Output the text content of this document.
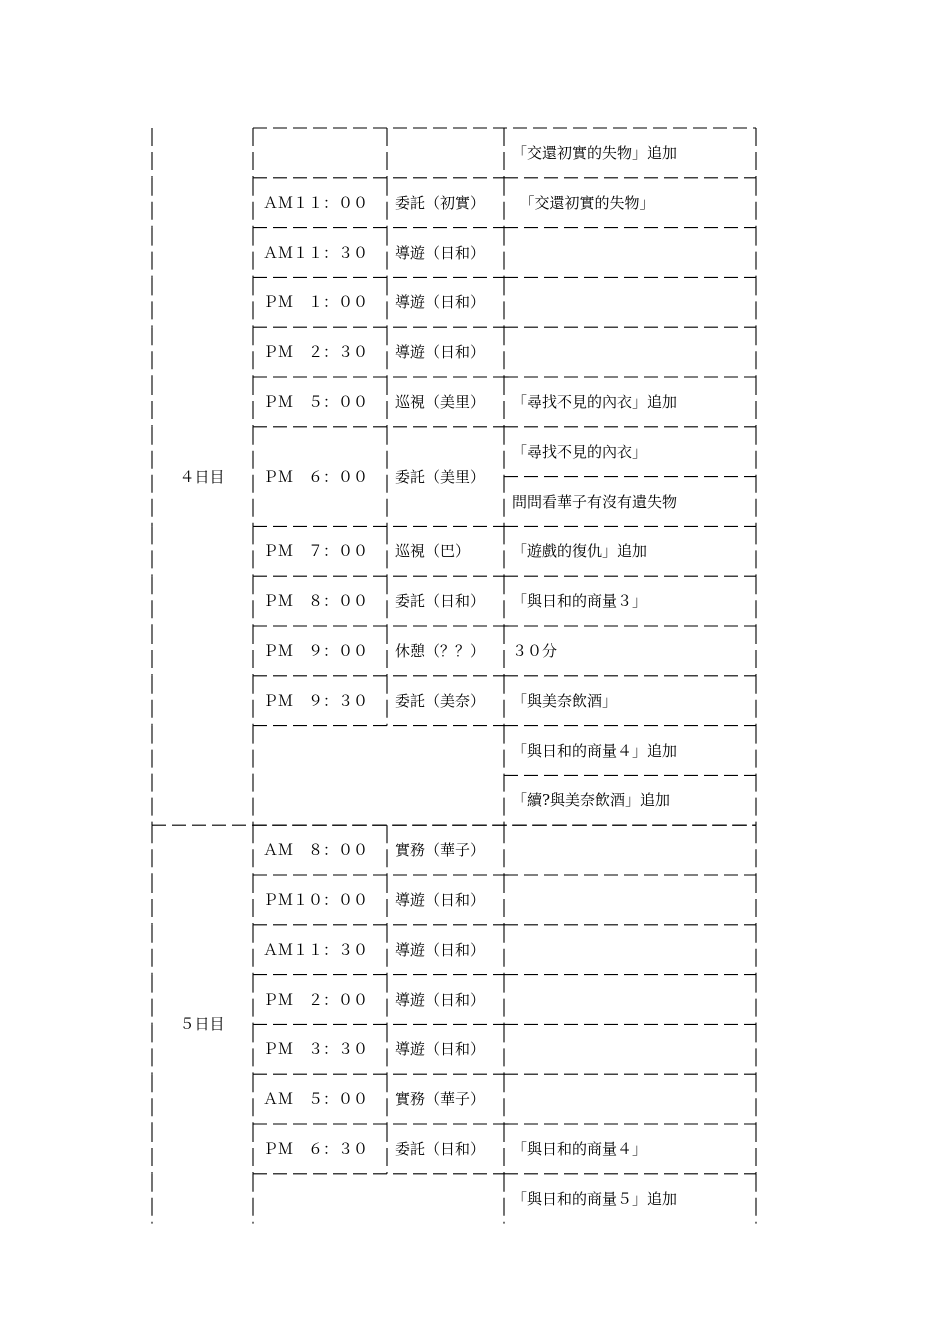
「交還初實的失物」追加
ＡＭ１１：００ 委託（初實） 　「交還初實的失物」
ＡＭ１１：３０ 導遊（日和）
ＰＭ　１：００ 導遊（日和）
ＰＭ　２：３０ 導遊（日和）
ＰＭ　５：００ 巡視（美里） 「尋找不見的內衣」追加
ＰＭ　６：００ 委託（美里）
「尋找不見的內衣」
問問看華子有沒有遺失物
ＰＭ　７：００ 巡視（巴）	「遊戲的復仇」追加
ＰＭ　８：００ 委託（日和） 「與日和的商量３」
ＰＭ　９：００ 休憩（？？） ３０分
ＰＭ　９：３０ 委託（美奈） 「與美奈飲酒」
「與日和的商量４」追加
「續?與美奈飲酒」追加
４日目
ＡＭ　８：００ 實務（華子）
ＰＭ１０：００ 導遊（日和）
ＡＭ１１：３０ 導遊（日和）
ＰＭ　２：００ 導遊（日和）
ＰＭ　３：３０ 導遊（日和）
ＡＭ　５：００ 實務（華子）
ＰＭ　６：３０ 委託（日和） 「與日和的商量４」
「與日和的商量５」追加
５日目
